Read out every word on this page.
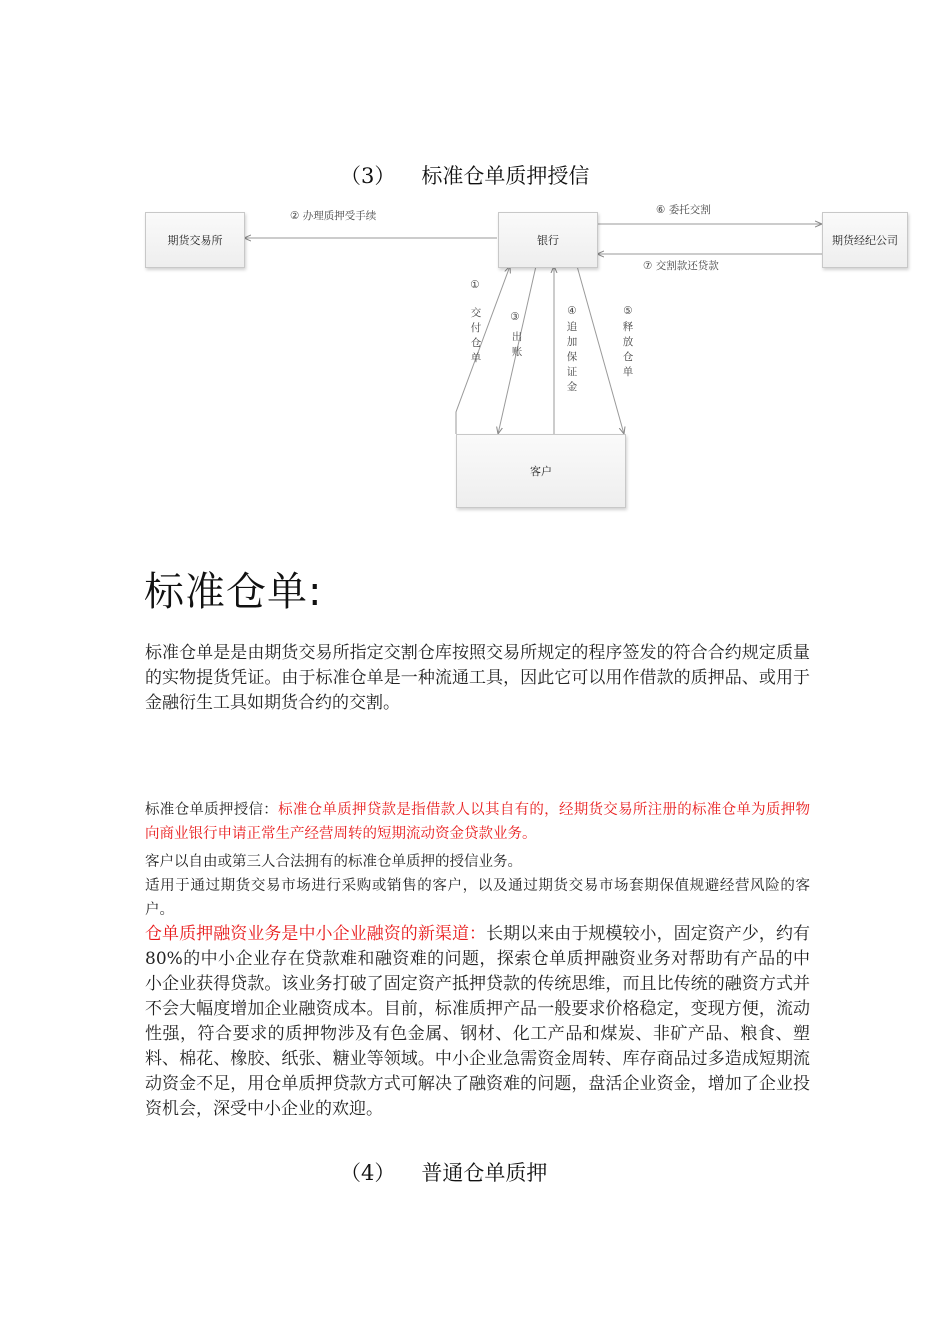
（3） 标准仓单质押授信
期货交易所	银行	期货经纪公司
客户
② 办理质押受手续	⑥ 委托交割
⑦ 交割款还贷款
①
交付仓单
③
出账
④
追加保证金
⑤
释放仓单
标准仓单:
标准仓单是是由期货交易所指定交割仓库按照交易所规定的程序签发的符合合约规定质量的实物提货凭证。由于标准仓单是一种流通工具，因此它可以用作借款的质押品、或用于金融衍生工具如期货合约的交割。
标准仓单质押授信：标准仓单质押贷款是指借款人以其自有的，经期货交易所注册的标准仓单为质押物向商业银行申请正常生产经营周转的短期流动资金贷款业务。
客户以自由或第三人合法拥有的标准仓单质押的授信业务。
适用于通过期货交易市场进行采购或销售的客户，以及通过期货交易市场套期保值规避经营风险的客户。
仓单质押融资业务是中小企业融资的新渠道：长期以来由于规模较小，固定资产少，约有80%的中小企业存在贷款难和融资难的问题，探索仓单质押融资业务对帮助有产品的中小企业获得贷款。该业务打破了固定资产抵押贷款的传统思维，而且比传统的融资方式并不会大幅度增加企业融资成本。目前，标准质押产品一般要求价格稳定，变现方便，流动性强，符合要求的质押物涉及有色金属、钢材、化工产品和煤炭、非矿产品、粮食、塑料、棉花、橡胶、纸张、糖业等领域。中小企业急需资金周转、库存商品过多造成短期流动资金不足，用仓单质押贷款方式可解决了融资难的问题，盘活企业资金，增加了企业投资机会，深受中小企业的欢迎。
（4） 普通仓单质押
